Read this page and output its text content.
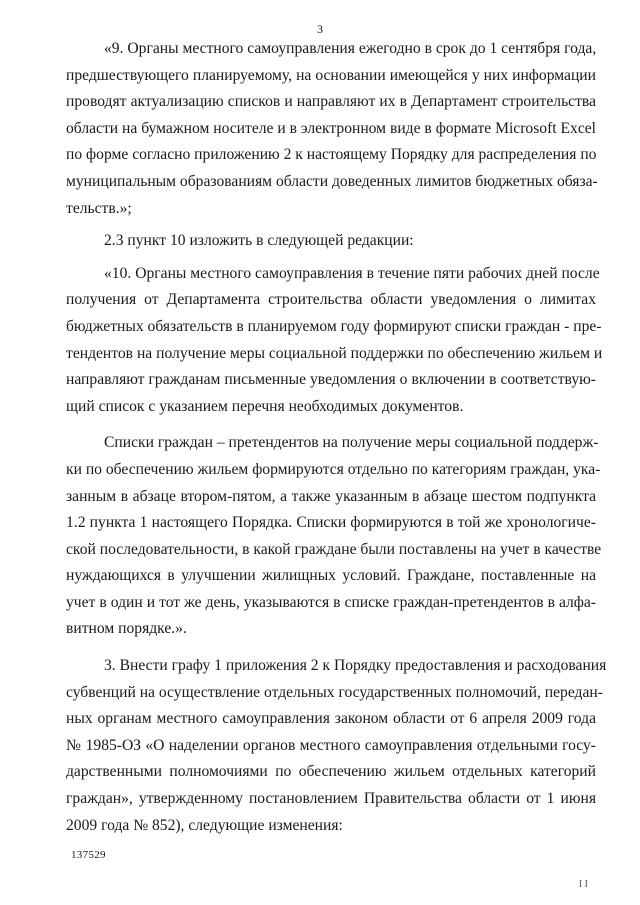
3
«9. Органы местного самоуправления ежегодно в срок до 1 сентября года,
предшествующего планируемому, на основании имеющейся у них информации
проводят актуализацию списков и направляют их в Департамент строительства
области на бумажном носителе и в электронном виде в формате Microsoft Excel
по форме согласно приложению 2 к настоящему Порядку для распределения по
муниципальным образованиям области доведенных лимитов бюджетных обяза-
тельств.»;
2.3 пункт 10 изложить в следующей редакции:
«10. Органы местного самоуправления в течение пяти рабочих дней после
получения от Департамента строительства области уведомления о лимитах
бюджетных обязательств в планируемом году формируют списки граждан - пре-
тендентов на получение меры социальной поддержки по обеспечению жильем и
направляют гражданам письменные уведомления о включении в соответствую-
щий список с указанием перечня необходимых документов.
Списки граждан – претендентов на получение меры социальной поддерж-
ки по обеспечению жильем формируются отдельно по категориям граждан, ука-
занным в абзаце втором-пятом, а также указанным в абзаце шестом подпункта
1.2 пункта 1 настоящего Порядка. Списки формируются в той же хронологиче-
ской последовательности, в какой граждане были поставлены на учет в качестве
нуждающихся в улучшении жилищных условий. Граждане, поставленные на
учет в один и тот же день, указываются в списке граждан-претендентов в алфа-
витном порядке.».
3. Внести графу 1 приложения 2 к Порядку предоставления и расходования
субвенций на осуществление отдельных государственных полномочий, передан-
ных органам местного самоуправления законом области от 6 апреля 2009 года
№ 1985-ОЗ «О наделении органов местного самоуправления отдельными госу-
дарственными полномочиями по обеспечению жильем отдельных категорий
граждан», утвержденному постановлением Правительства области от 1 июня
2009 года № 852), следующие изменения:
137529
I I
